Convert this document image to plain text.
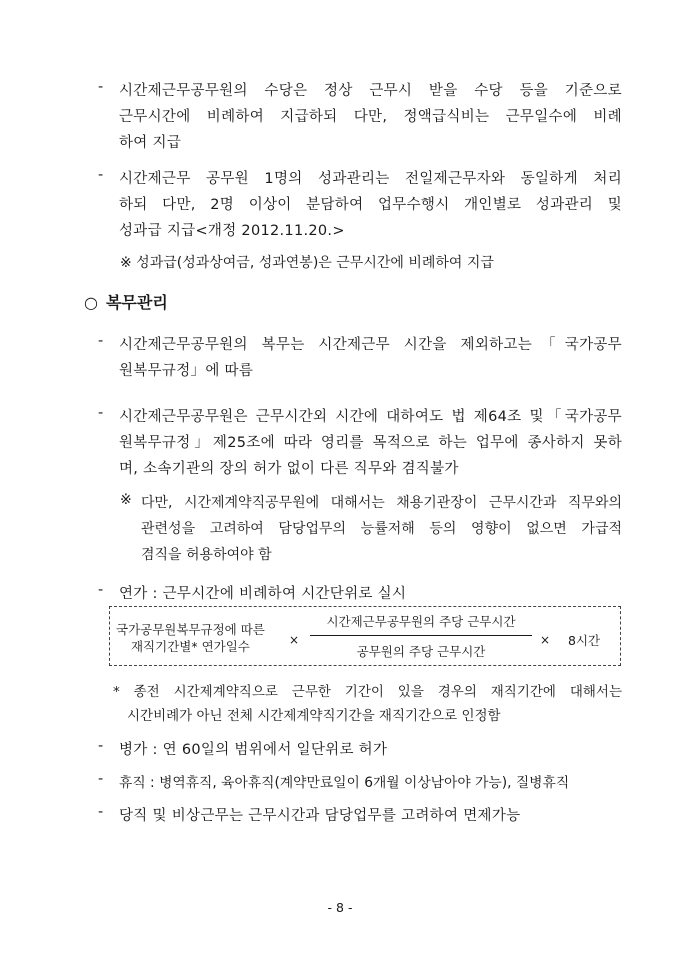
- 시간제근무공무원의 수당은 정상 근무시 받을 수당 등을 기준으로
근무시간에 비례하여 지급하되 다만, 정액급식비는 근무일수에 비례
하여 지급
- 시간제근무 공무원 1명의 성과관리는 전일제근무자와 동일하게 처리
하되 다만, 2명 이상이 분담하여 업무수행시 개인별로 성과관리 및
성과급 지급<개정 2012.11.20.>
※ 성과급(성과상여금, 성과연봉)은 근무시간에 비례하여 지급
○ 복무관리
- 시간제근무공무원의 복무는 시간제근무 시간을 제외하고는「국가공무
원복무규정」에 따름
- 시간제근무공무원은 근무시간외 시간에 대하여도 법 제64조 및「국가공무
원복무규정」제25조에 따라 영리를 목적으로 하는 업무에 종사하지 못하
며, 소속기관의 장의 허가 없이 다른 직무와 겸직불가
※ 다만, 시간제계약직공무원에 대해서는 채용기관장이 근무시간과 직무와의
관련성을 고려하여 담당업무의 능률저해 등의 영향이 없으면 가급적
겸직을 허용하여야 함
- 연가 : 근무시간에 비례하여 시간단위로 실시
국가공무원복무규정에 따른
재직기간별* 연가일수	×
시간제근무공무원의 주당 근무시간
공무원의 주당 근무시간
× 8시간
* 종전 시간제계약직으로 근무한 기간이 있을 경우의 재직기간에 대해서는
시간비례가 아닌 전체 시간제계약직기간을 재직기간으로 인정함
- 병가 : 연 60일의 범위에서 일단위로 허가
- 휴직 : 병역휴직, 육아휴직(계약만료일이 6개월 이상남아야 가능), 질병휴직
- 당직 및 비상근무는 근무시간과 담당업무를 고려하여 면제가능
- 8 -
